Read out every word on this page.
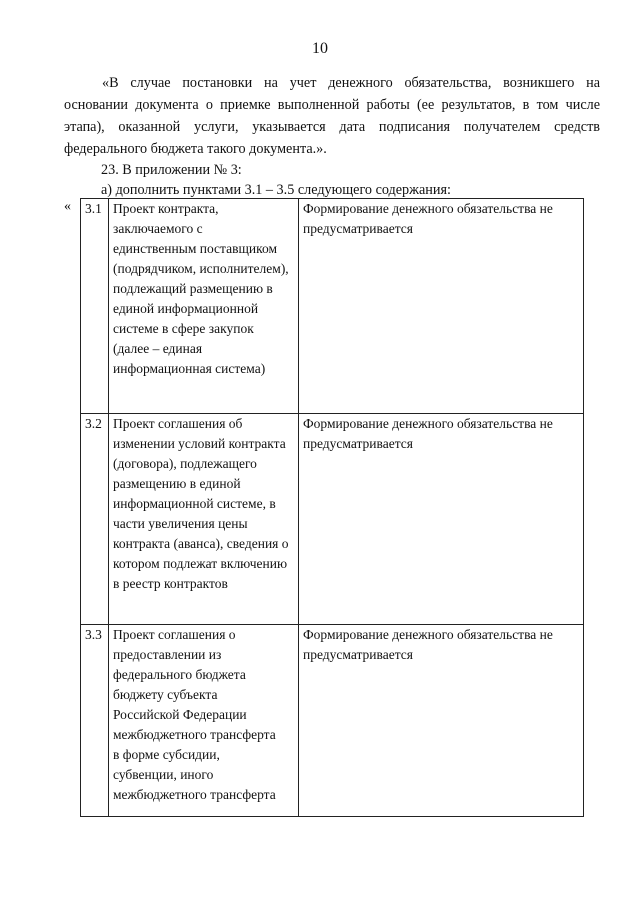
10
«В случае постановки на учет денежного обязательства, возникшего на основании документа о приемке выполненной работы (ее результатов, в том числе этапа), оказанной услуги, указывается дата подписания получателем средств федерального бюджета такого документа.».
23. В приложении № 3:
а) дополнить пунктами 3.1 – 3.5 следующего содержания:
« 3.1	Проект контракта, заключаемого с единственным поставщиком (подрядчиком, исполнителем), подлежащий размещению в единой информационной системе в сфере закупок (далее – единая информационная система)	Формирование денежного обязательства не предусматривается

3.2	Проект соглашения об изменении условий контракта (договора), подлежащего размещению в единой информационной системе, в части увеличения цены контракта (аванса), сведения о котором подлежат включению в реестр контрактов	Формирование денежного обязательства не предусматривается

3.3	Проект соглашения о предоставлении из федерального бюджета бюджету субъекта Российской Федерации межбюджетного трансферта в форме субсидии, субвенции, иного межбюджетного трансферта	Формирование денежного обязательства не предусматривается
